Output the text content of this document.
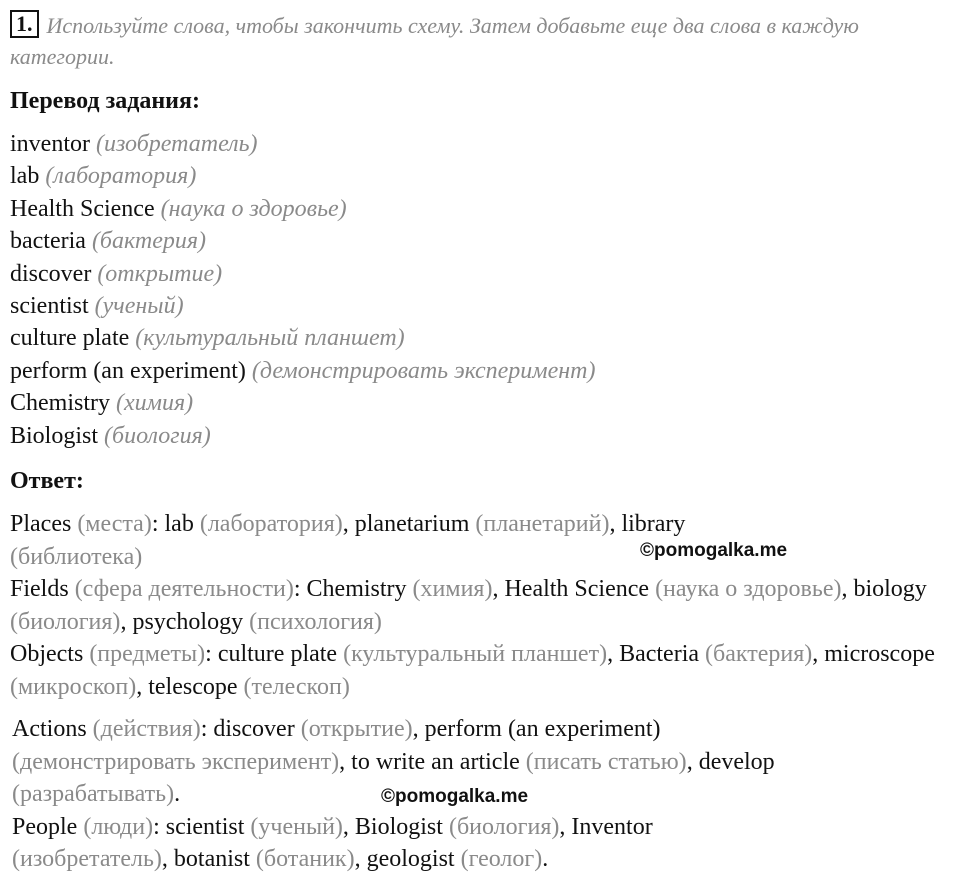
1. Используйте слова, чтобы закончить схему. Затем добавьте еще два слова в каждую категории.
Перевод задания:
inventor (изобретатель)
lab (лаборатория)
Health Science (наука о здоровье)
bacteria (бактерия)
discover (открытие)
scientist (ученый)
culture plate (культуральный планшет)
perform (an experiment) (демонстрировать эксперимент)
Chemistry (химия)
Biologist (биология)
Ответ:

Places (места): lab (лаборатория), planetarium (планетарий), library
(библиотека)

Fields (сфера деятельности): Chemistry (химия), Health Science (наука о здоровье), biology (биология), psychology (психология)

Objects (предметы): culture plate (культуральный планшет), Bacteria (бактерия), microscope (микроскоп), telescope (телескоп)

Actions (действия): discover (открытие), perform (an experiment)
(демонстрировать эксперимент), to write an article (писать статью), develop
(разрабатывать).

People (люди): scientist (ученый), Biologist (биология), Inventor
(изобретатель), botanist (ботаник), geologist (геолог).

©pomogalka.me
©pomogalka.me
